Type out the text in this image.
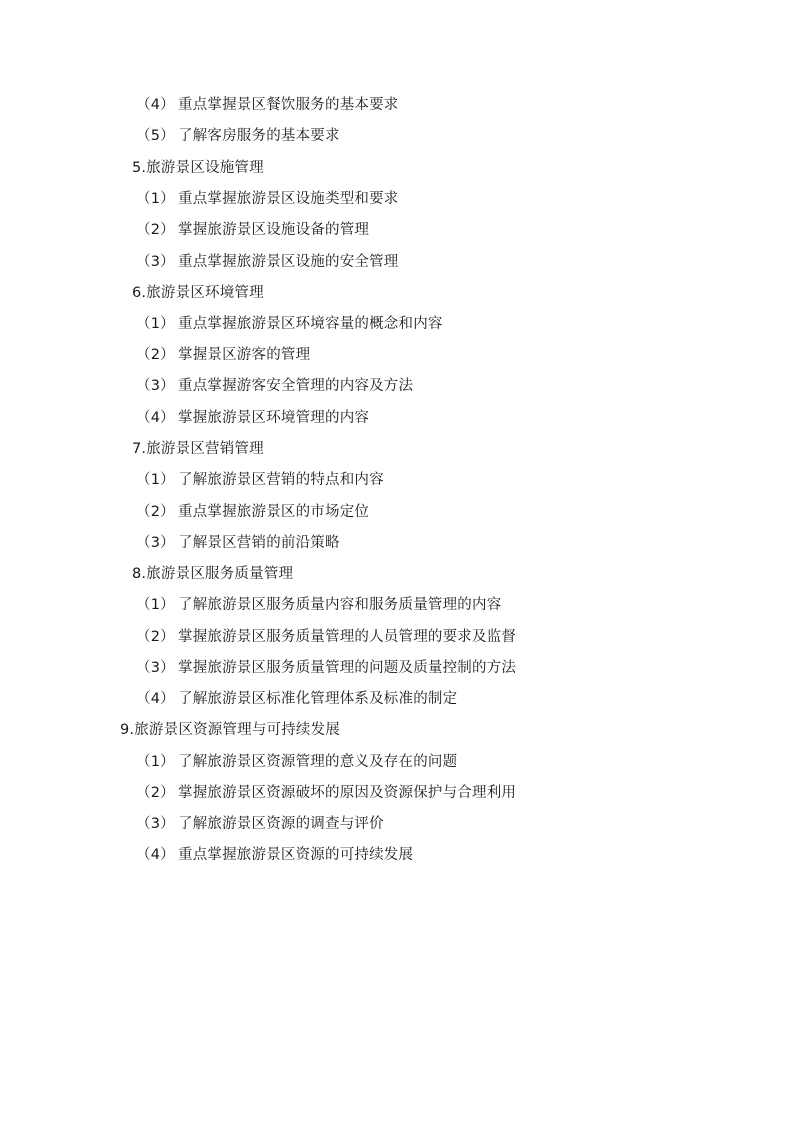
（4） 重点掌握景区餐饮服务的基本要求
（5） 了解客房服务的基本要求
5.旅游景区设施管理
（1） 重点掌握旅游景区设施类型和要求
（2） 掌握旅游景区设施设备的管理
（3） 重点掌握旅游景区设施的安全管理
6.旅游景区环境管理
（1） 重点掌握旅游景区环境容量的概念和内容
（2） 掌握景区游客的管理
（3） 重点掌握游客安全管理的内容及方法
（4） 掌握旅游景区环境管理的内容
7.旅游景区营销管理
（1） 了解旅游景区营销的特点和内容
（2） 重点掌握旅游景区的市场定位
（3） 了解景区营销的前沿策略
8.旅游景区服务质量管理
（1） 了解旅游景区服务质量内容和服务质量管理的内容
（2） 掌握旅游景区服务质量管理的人员管理的要求及监督
（3） 掌握旅游景区服务质量管理的问题及质量控制的方法
（4） 了解旅游景区标准化管理体系及标准的制定
9.旅游景区资源管理与可持续发展
（1） 了解旅游景区资源管理的意义及存在的问题
（2） 掌握旅游景区资源破坏的原因及资源保护与合理利用
（3） 了解旅游景区资源的调查与评价
（4） 重点掌握旅游景区资源的可持续发展
